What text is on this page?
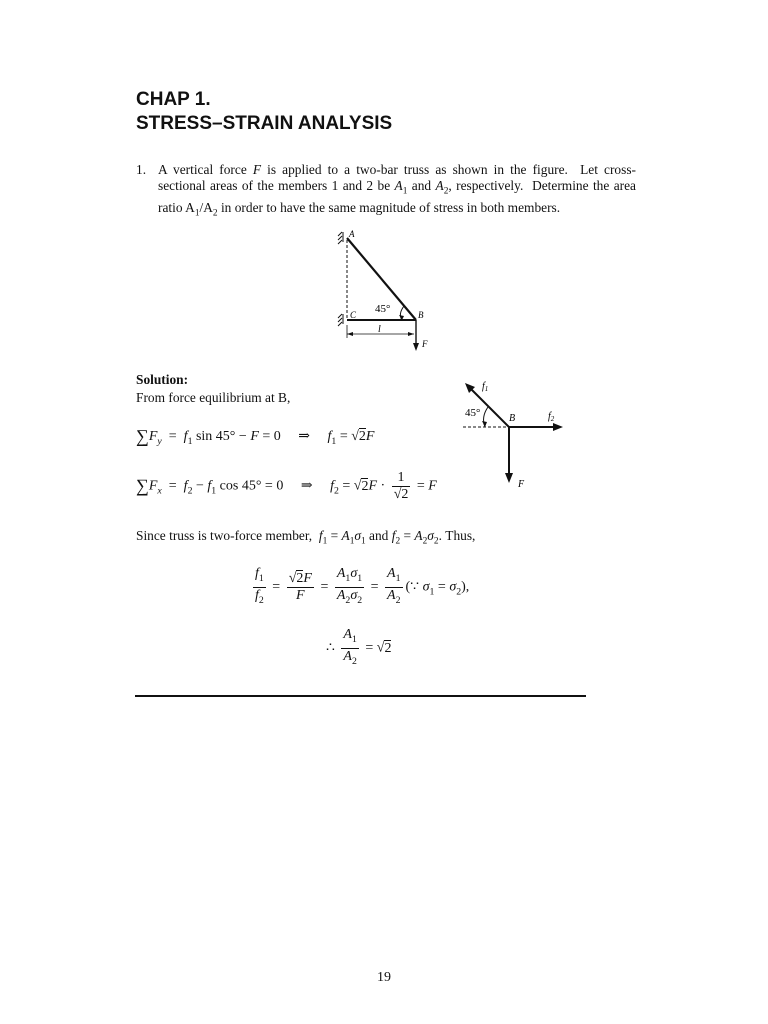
CHAP 1.
STRESS–STRAIN ANALYSIS
1. A vertical force F is applied to a two-bar truss as shown in the figure.  Let cross-sectional areas of the members 1 and 2 be $A_1$ and $A_2$, respectively.  Determine the area ratio $A_1/A_2$ in order to have the same magnitude of stress in both members.
A
B
C
l
F
45°
Solution:
From force equilibrium at B,
$\sum F_y = f_1$ sin 45° − F = 0     ⇒     $f_1 = √2F$
$\sum F_x = f_2 - f_1$ cos 45° = 0     ⇒     $f_2 = √2F \cdot \frac{1}{√2} = F$
$f_1$
$f_2$
B
F
45°
Since truss is two-force member, $f_1 = A_1\sigma_1$ and $f_2 = A_2\sigma_2$. Thus,
$\frac{f_1}{f_2} = \frac{√2F}{F} = \frac{A_1\sigma_1}{A_2\sigma_2} = \frac{A_1}{A_2}$ (∵ $\sigma_1 = \sigma_2$),
∴ $\frac{A_1}{A_2} = √2$
19
